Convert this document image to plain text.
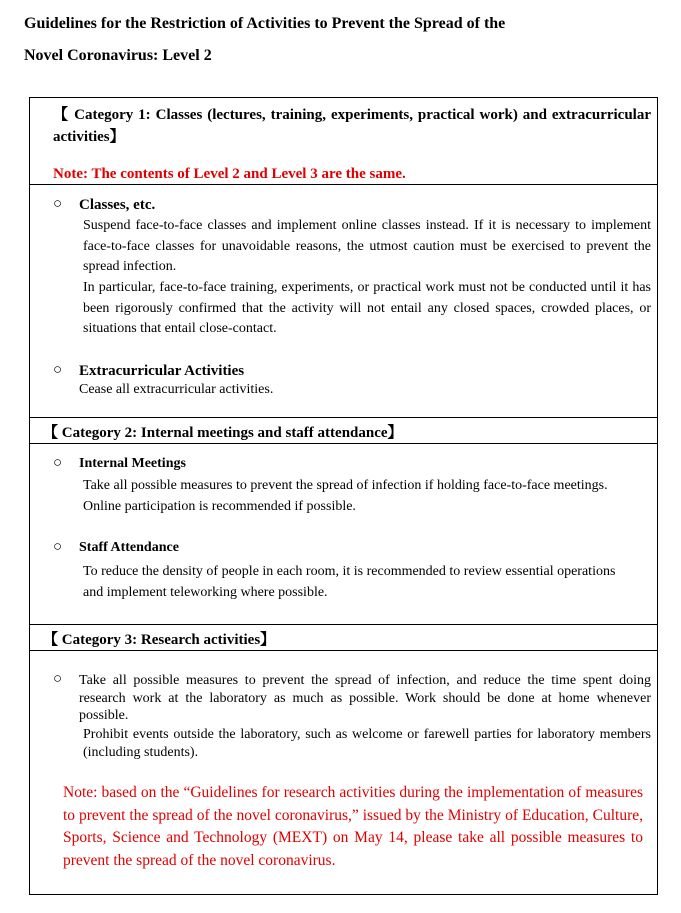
Guidelines for the Restriction of Activities to Prevent the Spread of the
Novel Coronavirus: Level 2
【 Category 1: Classes (lectures, training, experiments, practical work) and extracurricular activities】
Note: The contents of Level 2 and Level 3 are the same.
○ Classes, etc.
Suspend face-to-face classes and implement online classes instead. If it is necessary to implement face-to-face classes for unavoidable reasons, the utmost caution must be exercised to prevent the spread infection.
In particular, face-to-face training, experiments, or practical work must not be conducted until it has been rigorously confirmed that the activity will not entail any closed spaces, crowded places, or situations that entail close-contact.
○ Extracurricular Activities
Cease all extracurricular activities.
【 Category 2: Internal meetings and staff attendance】
○ Internal Meetings
Take all possible measures to prevent the spread of infection if holding face-to-face meetings. Online participation is recommended if possible.
○ Staff Attendance
To reduce the density of people in each room, it is recommended to review essential operations and implement teleworking where possible.
【 Category 3: Research activities】
○ Take all possible measures to prevent the spread of infection, and reduce the time spent doing research work at the laboratory as much as possible. Work should be done at home whenever possible.
Prohibit events outside the laboratory, such as welcome or farewell parties for laboratory members (including students).
Note: based on the “Guidelines for research activities during the implementation of measures to prevent the spread of the novel coronavirus,” issued by the Ministry of Education, Culture, Sports, Science and Technology (MEXT) on May 14, please take all possible measures to prevent the spread of the novel coronavirus.
